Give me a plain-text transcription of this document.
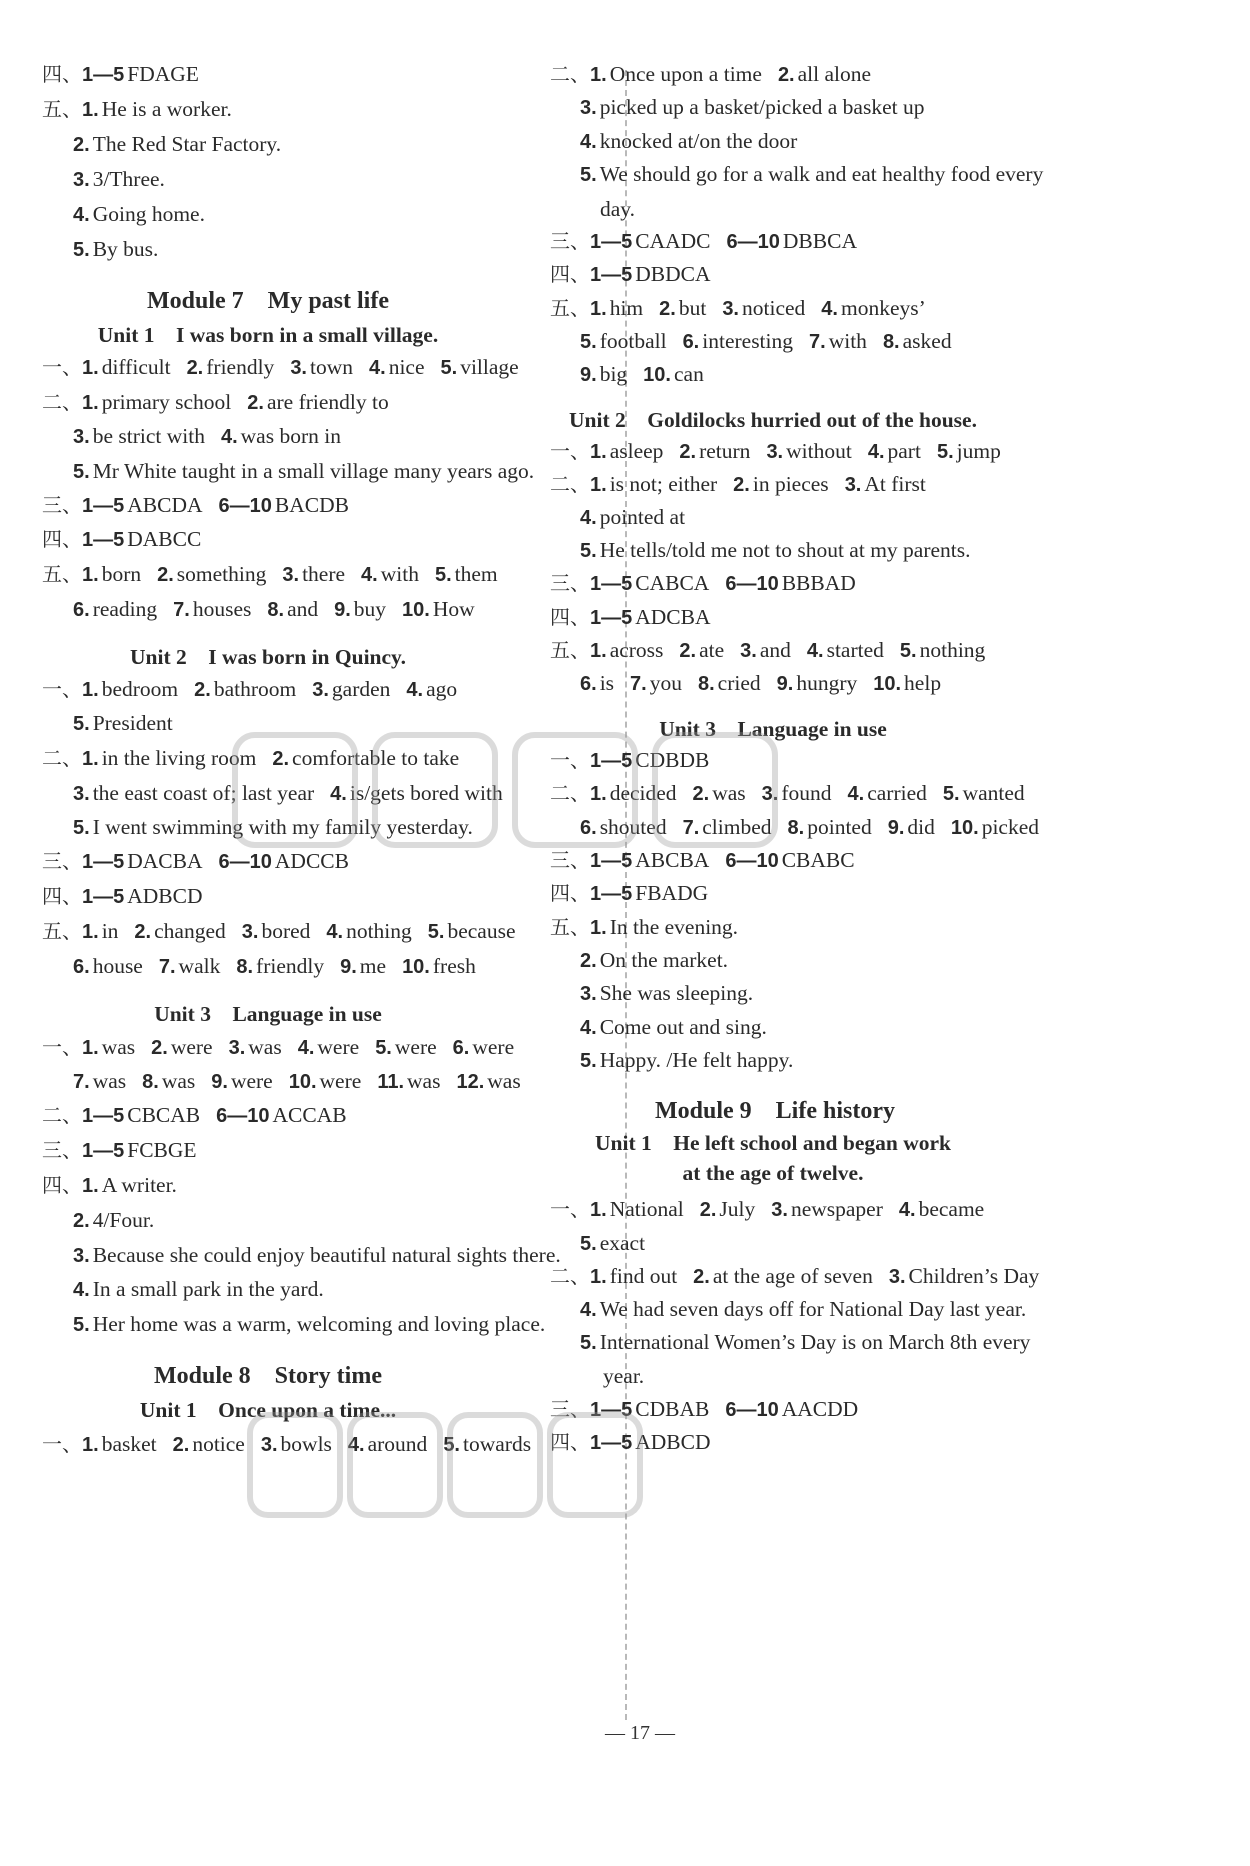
四、1—5 FDAGE
五、1. He is a worker.
2. The Red Star Factory.
3. 3/Three.
4. Going home.
5. By bus.
Module 7　My past life
Unit 1　I was born in a small village.
一、1. difficult 2. friendly 3. town 4. nice 5. village
二、1. primary school 2. are friendly to
3. be strict with 4. was born in
5. Mr White taught in a small village many years ago.
三、1—5 ABCDA 6—10 BACDB
四、1—5 DABCC
五、1. born 2. something 3. there 4. with 5. them
6. reading 7. houses 8. and 9. buy 10. How
Unit 2　I was born in Quincy.
一、1. bedroom 2. bathroom 3. garden 4. ago
5. President
二、1. in the living room 2. comfortable to take
3. the east coast of; last year 4. is/gets bored with
5. I went swimming with my family yesterday.
三、1—5 DACBA 6—10 ADCCB
四、1—5 ADBCD
五、1. in 2. changed 3. bored 4. nothing 5. because
6. house 7. walk 8. friendly 9. me 10. fresh
Unit 3　Language in use
一、1. was 2. were 3. was 4. were 5. were 6. were
7. was 8. was 9. were 10. were 11. was 12. was
二、1—5 CBCAB 6—10 ACCAB
三、1—5 FCBGE
四、1. A writer.
2. 4/Four.
3. Because she could enjoy beautiful natural sights there.
4. In a small park in the yard.
5. Her home was a warm, welcoming and loving place.
Module 8　Story time
Unit 1　Once upon a time...
一、1. basket 2. notice 3. bowls 4. around 5. towards
二、1. Once upon a time 2. all alone
3. picked up a basket/picked a basket up
4. knocked at/on the door
5. We should go for a walk and eat healthy food every
day.
三、1—5 CAADC 6—10 DBBCA
四、1—5 DBDCA
五、1. him 2. but 3. noticed 4. monkeys’
5. football 6. interesting 7. with 8. asked
9. big 10. can
Unit 2　Goldilocks hurried out of the house.
一、1. asleep 2. return 3. without 4. part 5. jump
二、1. is not; either 2. in pieces 3. At first
4. pointed at
5. He tells/told me not to shout at my parents.
三、1—5 CABCA 6—10 BBBAD
四、1—5 ADCBA
五、1. across 2. ate 3. and 4. started 5. nothing
6. is 7. you 8. cried 9. hungry 10. help
Unit 3　Language in use
一、1—5 CDBDB
二、1. decided 2. was 3. found 4. carried 5. wanted
6. shouted 7. climbed 8. pointed 9. did 10. picked
三、1—5 ABCBA 6—10 CBABC
四、1—5 FBADG
五、1. In the evening.
2. On the market.
3. She was sleeping.
4. Come out and sing.
5. Happy. /He felt happy.
Module 9　Life history
Unit 1　He left school and began work
at the age of twelve.
一、1. National 2. July 3. newspaper 4. became
5. exact
二、1. find out 2. at the age of seven 3. Children’s Day
4. We had seven days off for National Day last year.
5. International Women’s Day is on March 8th every
year.
三、1—5 CDBAB 6—10 AACDD
四、1—5 ADBCD
— 17 —
